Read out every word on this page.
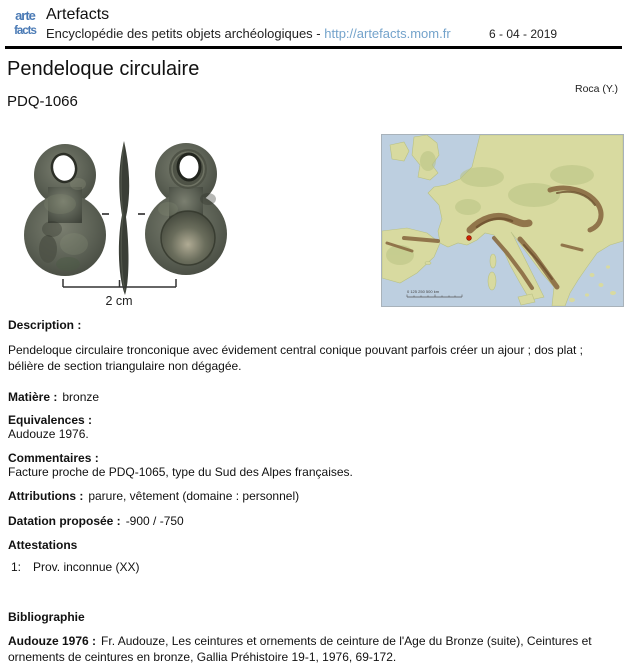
arte
facts
Artefacts
Encyclopédie des petits objets archéologiques - http://artefacts.mom.fr	6 - 04 - 2019
Pendeloque circulaire
Roca (Y.)
PDQ-1066
2 cm
0 125 250 500 km
Description :
Pendeloque circulaire tronconique avec évidement central conique pouvant parfois créer un ajour ; dos plat ; bélière de section triangulaire non dégagée.
Matière : bronze
Equivalences :
Audouze 1976.
Commentaires :
Facture proche de PDQ-1065, type du Sud des Alpes françaises.
Attributions : parure, vêtement (domaine : personnel)
Datation proposée : -900 / -750
Attestations
1: Prov. inconnue (XX)
Bibliographie
Audouze 1976 : Fr. Audouze, Les ceintures et ornements de ceinture de l'Age du Bronze (suite), Ceintures et ornements de ceintures en bronze, Gallia Préhistoire 19-1, 1976, 69-172.
